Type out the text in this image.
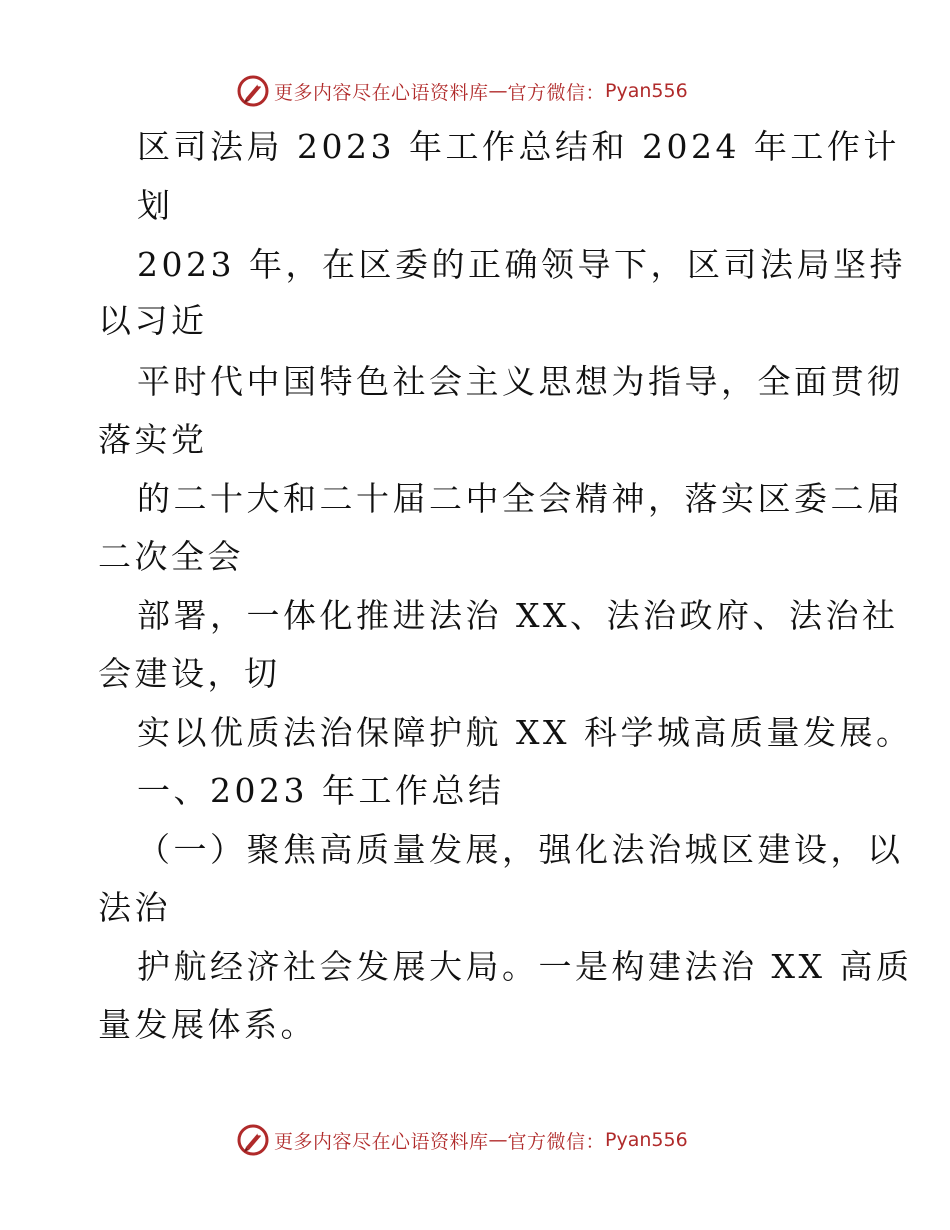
更多内容尽在心语资料库 — 官方微信： Pyan556
区司法局 2023 年工作总结和 2024 年工作计
划
2023 年，在区委的正确领导下，区司法局坚持
以习近
平时代中国特色社会主义思想为指导，全面贯彻
落实党
的二十大和二十届二中全会精神，落实区委二届
二次全会
部署，一体化推进法治 XX、法治政府、法治社
会建设，切
实以优质法治保障护航 XX 科学城高质量发展。
一、2023 年工作总结
（一）聚焦高质量发展，强化法治城区建设，以
法治
护航经济社会发展大局。一是构建法治 XX 高质
量发展体系。
更多内容尽在心语资料库 — 官方微信： Pyan556
